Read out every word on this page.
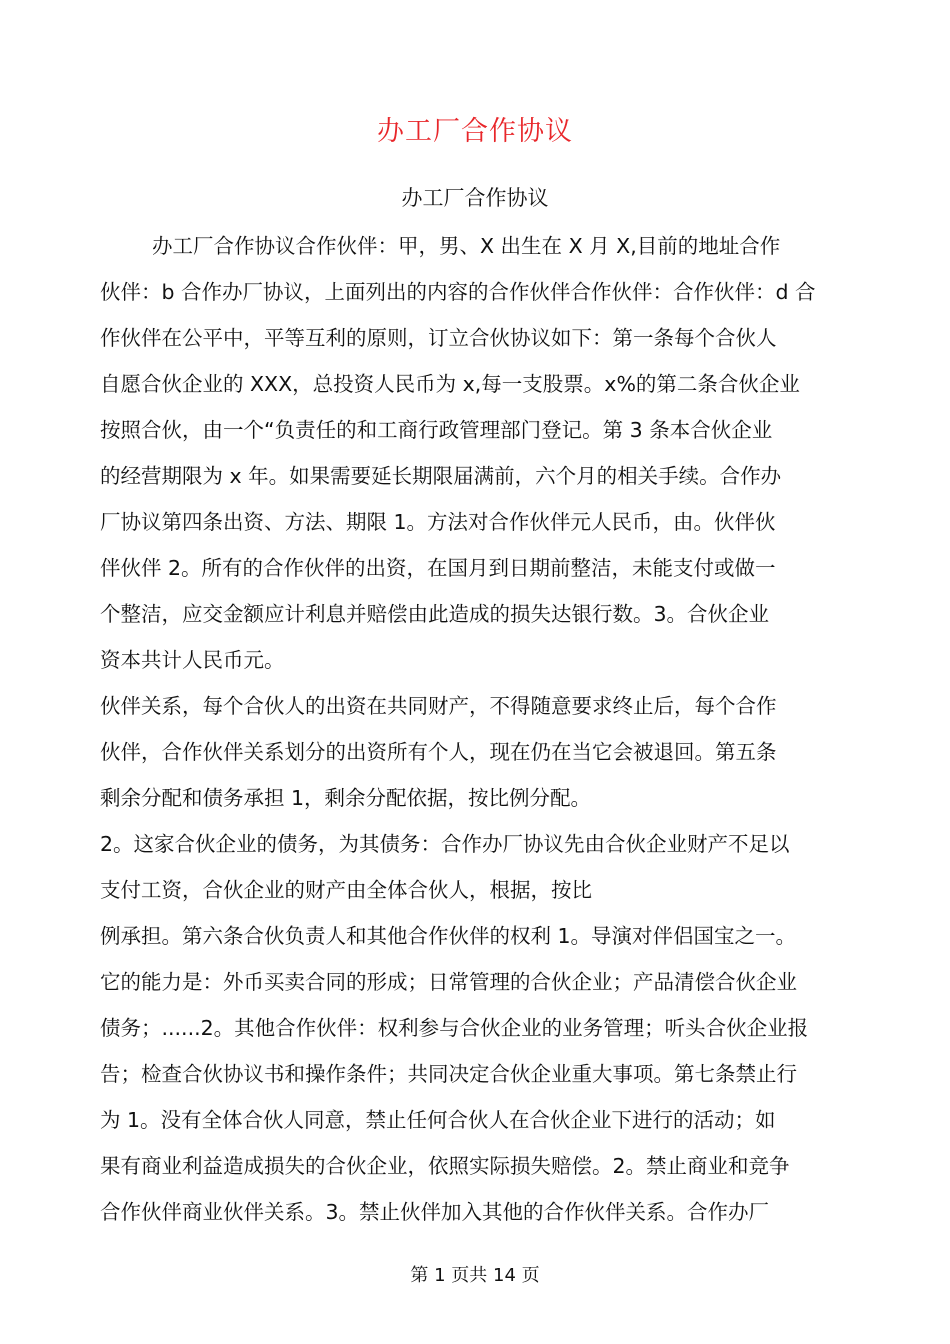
办工厂合作协议
办工厂合作协议
办工厂合作协议合作伙伴：甲，男、X 出生在 X 月 X,目前的地址合作
伙伴：b 合作办厂协议，上面列出的内容的合作伙伴合作伙伴：合作伙伴：d 合
作伙伴在公平中，平等互利的原则，订立合伙协议如下：第一条每个合伙人
自愿合伙企业的 XXX，总投资人民币为 x,每一支股票。x%的第二条合伙企业
按照合伙，由一个“负责任的和工商行政管理部门登记。第 3 条本合伙企业
的经营期限为 x 年。如果需要延长期限届满前，六个月的相关手续。合作办
厂协议第四条出资、方法、期限 1。方法对合作伙伴元人民币，由。伙伴伙
伴伙伴 2。所有的合作伙伴的出资，在国月到日期前整洁，未能支付或做一
个整洁，应交金额应计利息并赔偿由此造成的损失达银行数。3。合伙企业
资本共计人民币元。
伙伴关系，每个合伙人的出资在共同财产，不得随意要求终止后，每个合作
伙伴，合作伙伴关系划分的出资所有个人，现在仍在当它会被退回。第五条
剩余分配和债务承担 1，剩余分配依据，按比例分配。
2。这家合伙企业的债务，为其债务：合作办厂协议先由合伙企业财产不足以
支付工资，合伙企业的财产由全体合伙人，根据，按比
例承担。第六条合伙负责人和其他合作伙伴的权利 1。导演对伴侣国宝之一。
它的能力是：外币买卖合同的形成；日常管理的合伙企业；产品清偿合伙企业
债务；......2。其他合作伙伴：权利参与合伙企业的业务管理；听头合伙企业报
告；检查合伙协议书和操作条件；共同决定合伙企业重大事项。第七条禁止行
为 1。没有全体合伙人同意，禁止任何合伙人在合伙企业下进行的活动；如
果有商业利益造成损失的合伙企业，依照实际损失赔偿。2。禁止商业和竞争
合作伙伴商业伙伴关系。3。禁止伙伴加入其他的合作伙伴关系。合作办厂
第 1 页共 14 页
